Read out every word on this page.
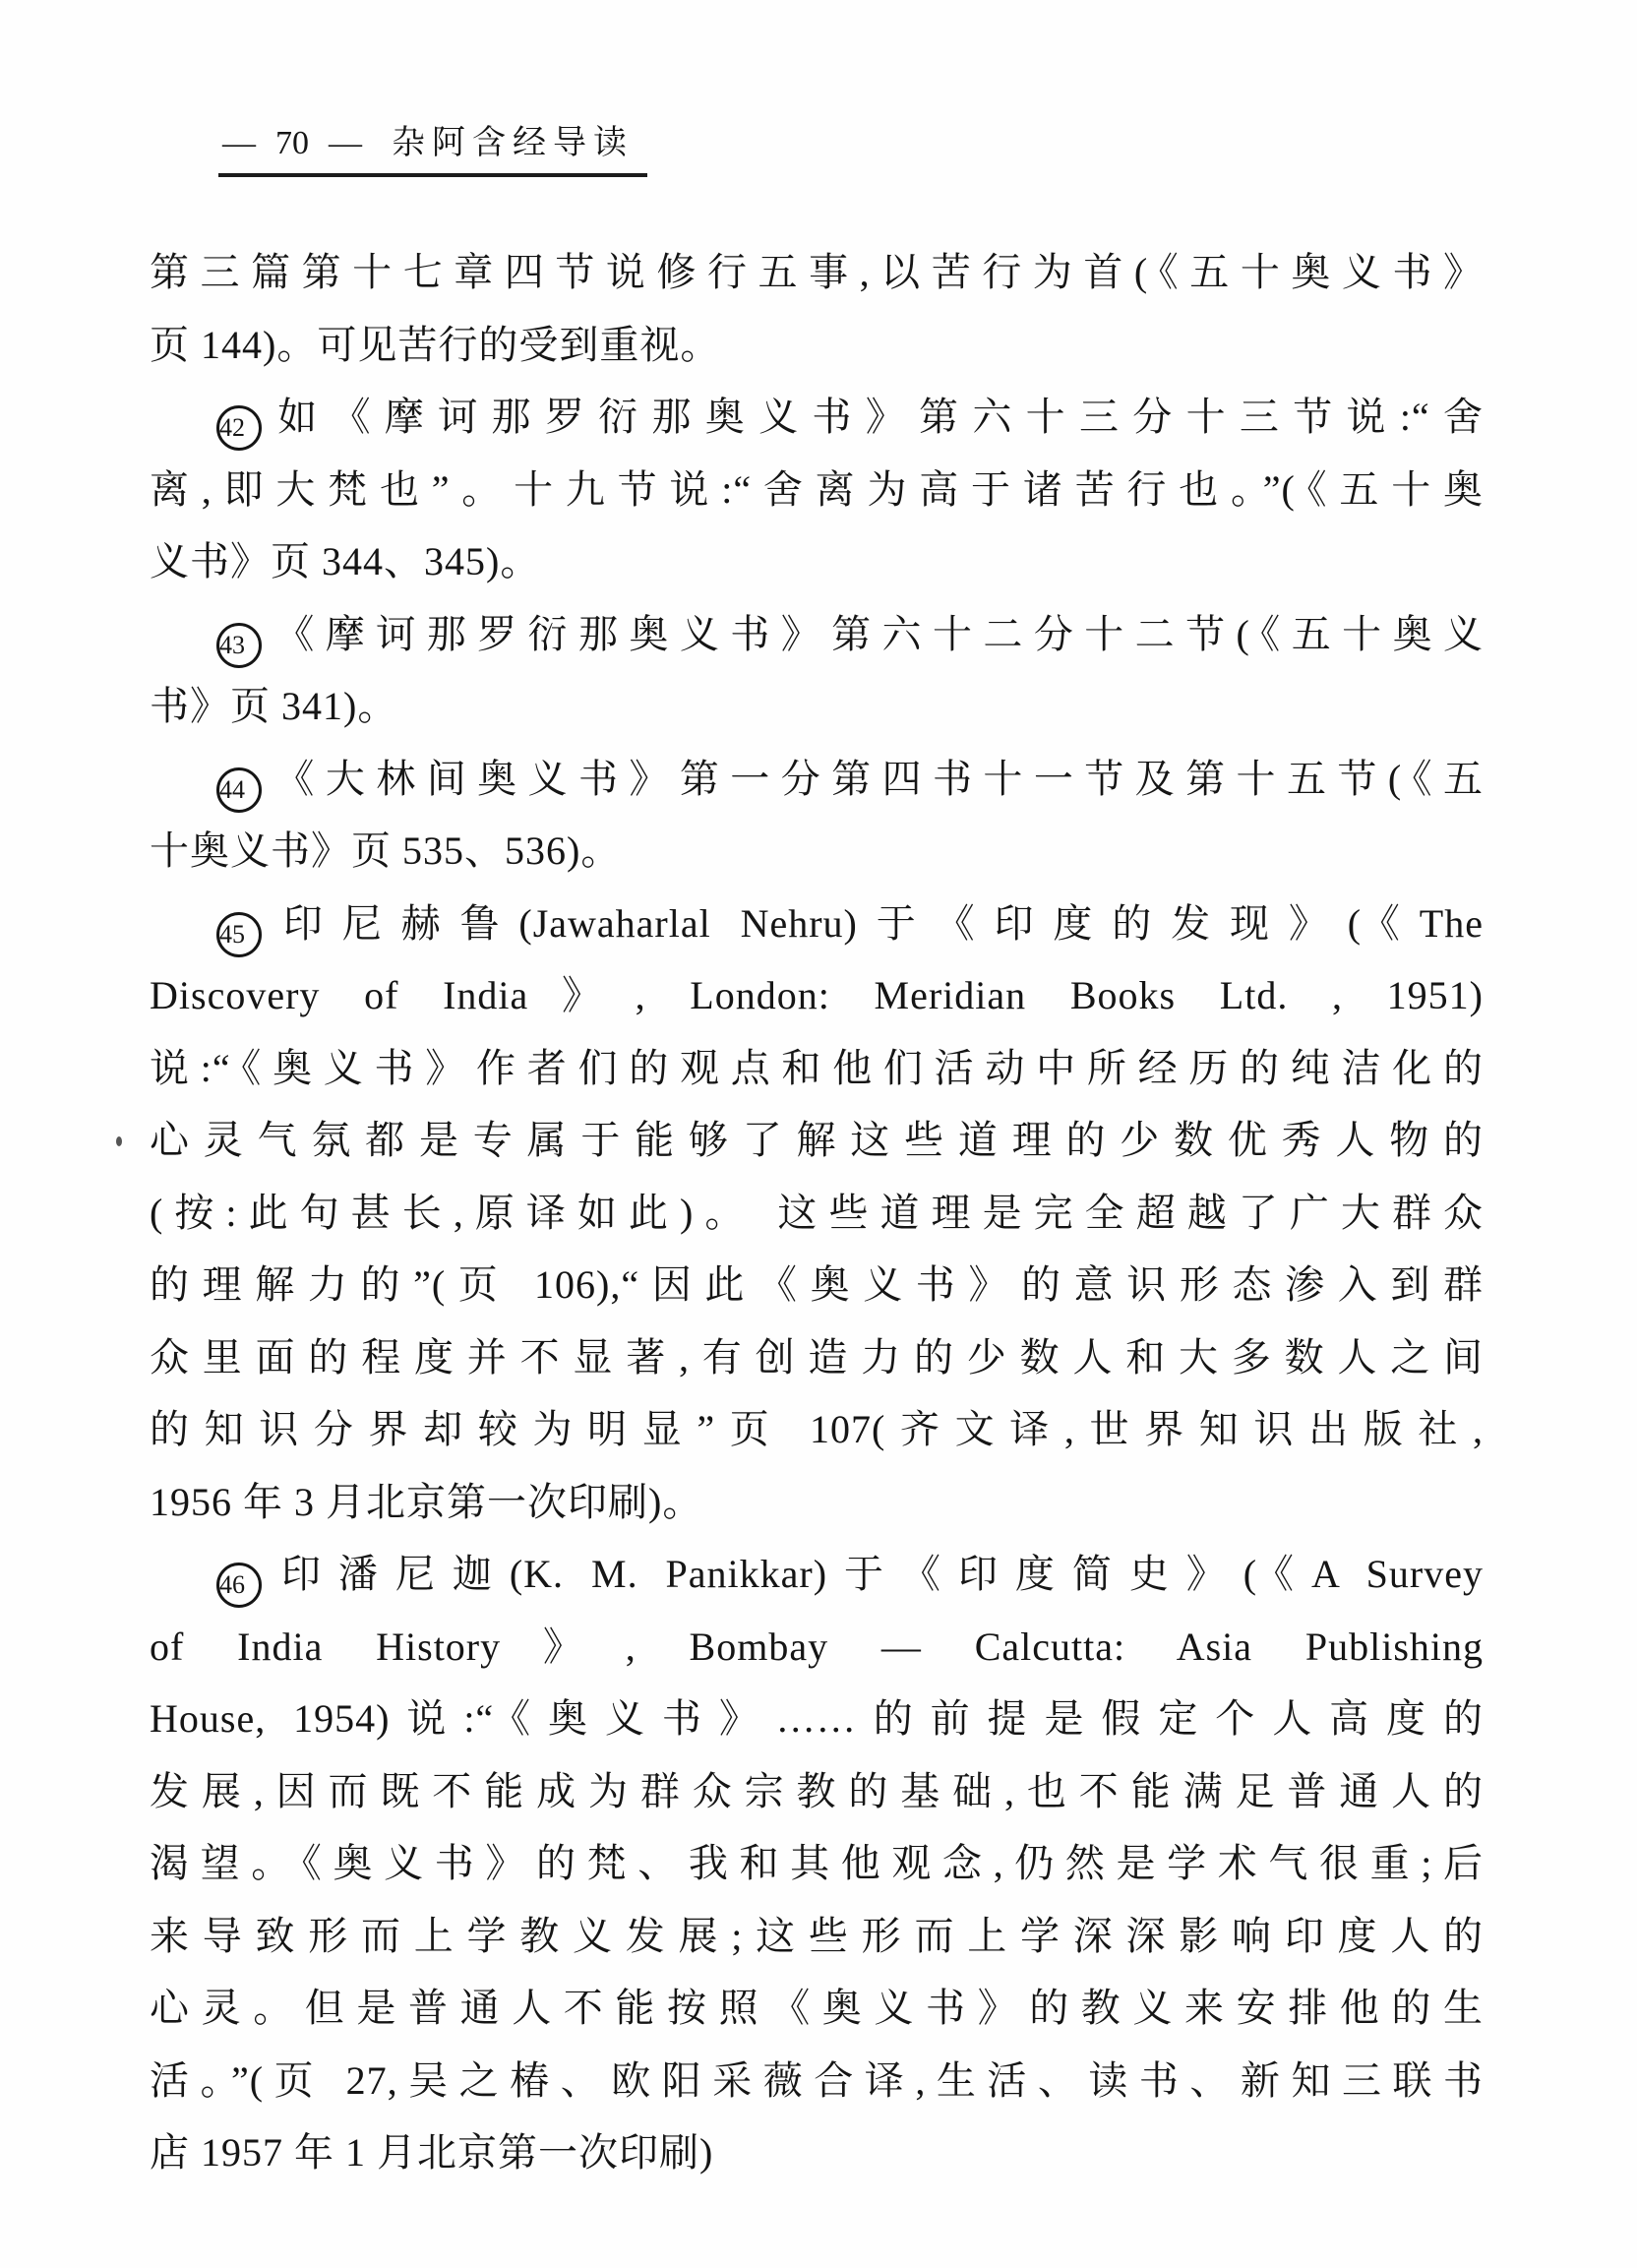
— 70 — 杂阿含经导读
第三篇第十七章四节说修行五事,以苦行为首(《五十奥义书》
页 144)。可见苦行的受到重视。
42 如《摩诃那罗衍那奥义书》第六十三分十三节说:“舍
离,即大梵也”。十九节说:“舍离为高于诸苦行也。”(《五十奥
义书》页 344、345)。
43 《摩诃那罗衍那奥义书》第六十二分十二节(《五十奥义
书》页 341)。
44 《大林间奥义书》第一分第四书十一节及第十五节(《五
十奥义书》页 535、536)。
45 印尼赫鲁(Jawaharlal Nehru)于《印度的发现》(《The
Discovery of India》, London: Meridian Books Ltd. , 1951)
说:“《奥义书》作者们的观点和他们活动中所经历的纯洁化的
心灵气氛都是专属于能够了解这些道理的少数优秀人物的
(按:此句甚长,原译如此)。 这些道理是完全超越了广大群众
的理解力的”(页 106),“因此《奥义书》的意识形态渗入到群
众里面的程度并不显著,有创造力的少数人和大多数人之间
的知识分界却较为明显”页 107(齐文译,世界知识出版社,
1956 年 3 月北京第一次印刷)。
46 印潘尼迦(K. M. Panikkar)于《印度简史》(《A Survey
of India History》, Bombay — Calcutta: Asia Publishing
House, 1954)说:“《奥义书》……的前提是假定个人高度的
发展,因而既不能成为群众宗教的基础,也不能满足普通人的
渴望。《奥义书》的梵、我和其他观念,仍然是学术气很重;后
来导致形而上学教义发展;这些形而上学深深影响印度人的
心灵。但是普通人不能按照《奥义书》的教义来安排他的生
活。”(页 27,吴之椿、欧阳采薇合译,生活、读书、新知三联书
店 1957 年 1 月北京第一次印刷)
